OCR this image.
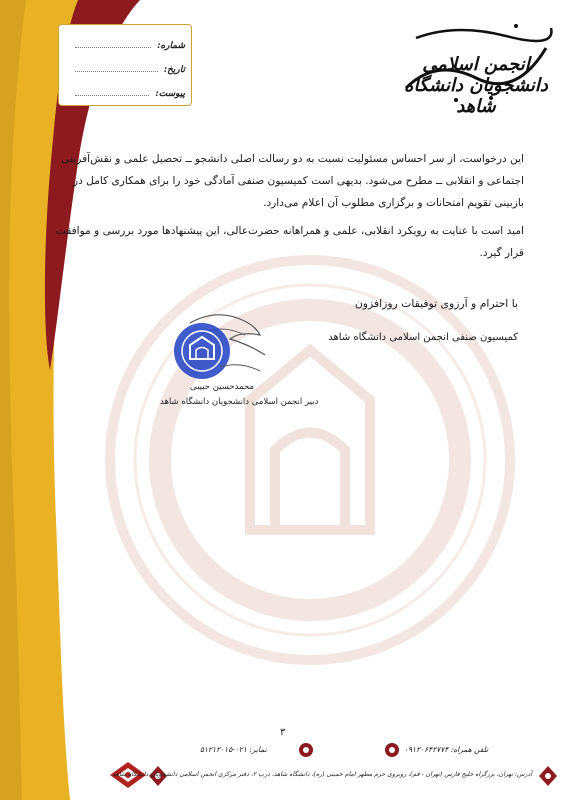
شماره:
تاریخ:
پیوست:
انجمن اسلامی دانشجویان دانشگاه شاهد
این درخواست، از سر احساس مسئولیت نسبت به دو رسالت اصلی دانشجو ــ تحصیل علمی و نقش‌آفرینی
اجتماعی و انقلابی ــ مطرح می‌شود. بدیهی است کمیسیون صنفی آمادگی خود را برای همکاری کامل در
بازبینی تقویم امتحانات و برگزاری مطلوب آن اعلام می‌دارد.
امید است با عنایت به رویکرد انقلابی، علمی و همراهانه حضرت‌عالی، این پیشنهادها مورد بررسی و موافقت
قرار گیرد.
با احترام و آرزوی توفیقات روزافزون
کمیسیون صنفی انجمن اسلامی دانشگاه شاهد
محمدحسین حبیبی
دبیر انجمن اسلامی دانشجویان دانشگاه شاهد
۳
نمابر: ۰۲۱-۵۱۲۱۲۰۱۵	تلفن همراه: ۰۹۱۲۰۶۴۲۷۷۴
آدرس: تهران، بزرگراه خلیج فارس (تهران - قم)، روبروی حرم مطهر امام خمینی (ره)، دانشگاه شاهد، درب ۲، دفتر مرکزی انجمن اسلامی دانشجویان دانشگاه شاهد
